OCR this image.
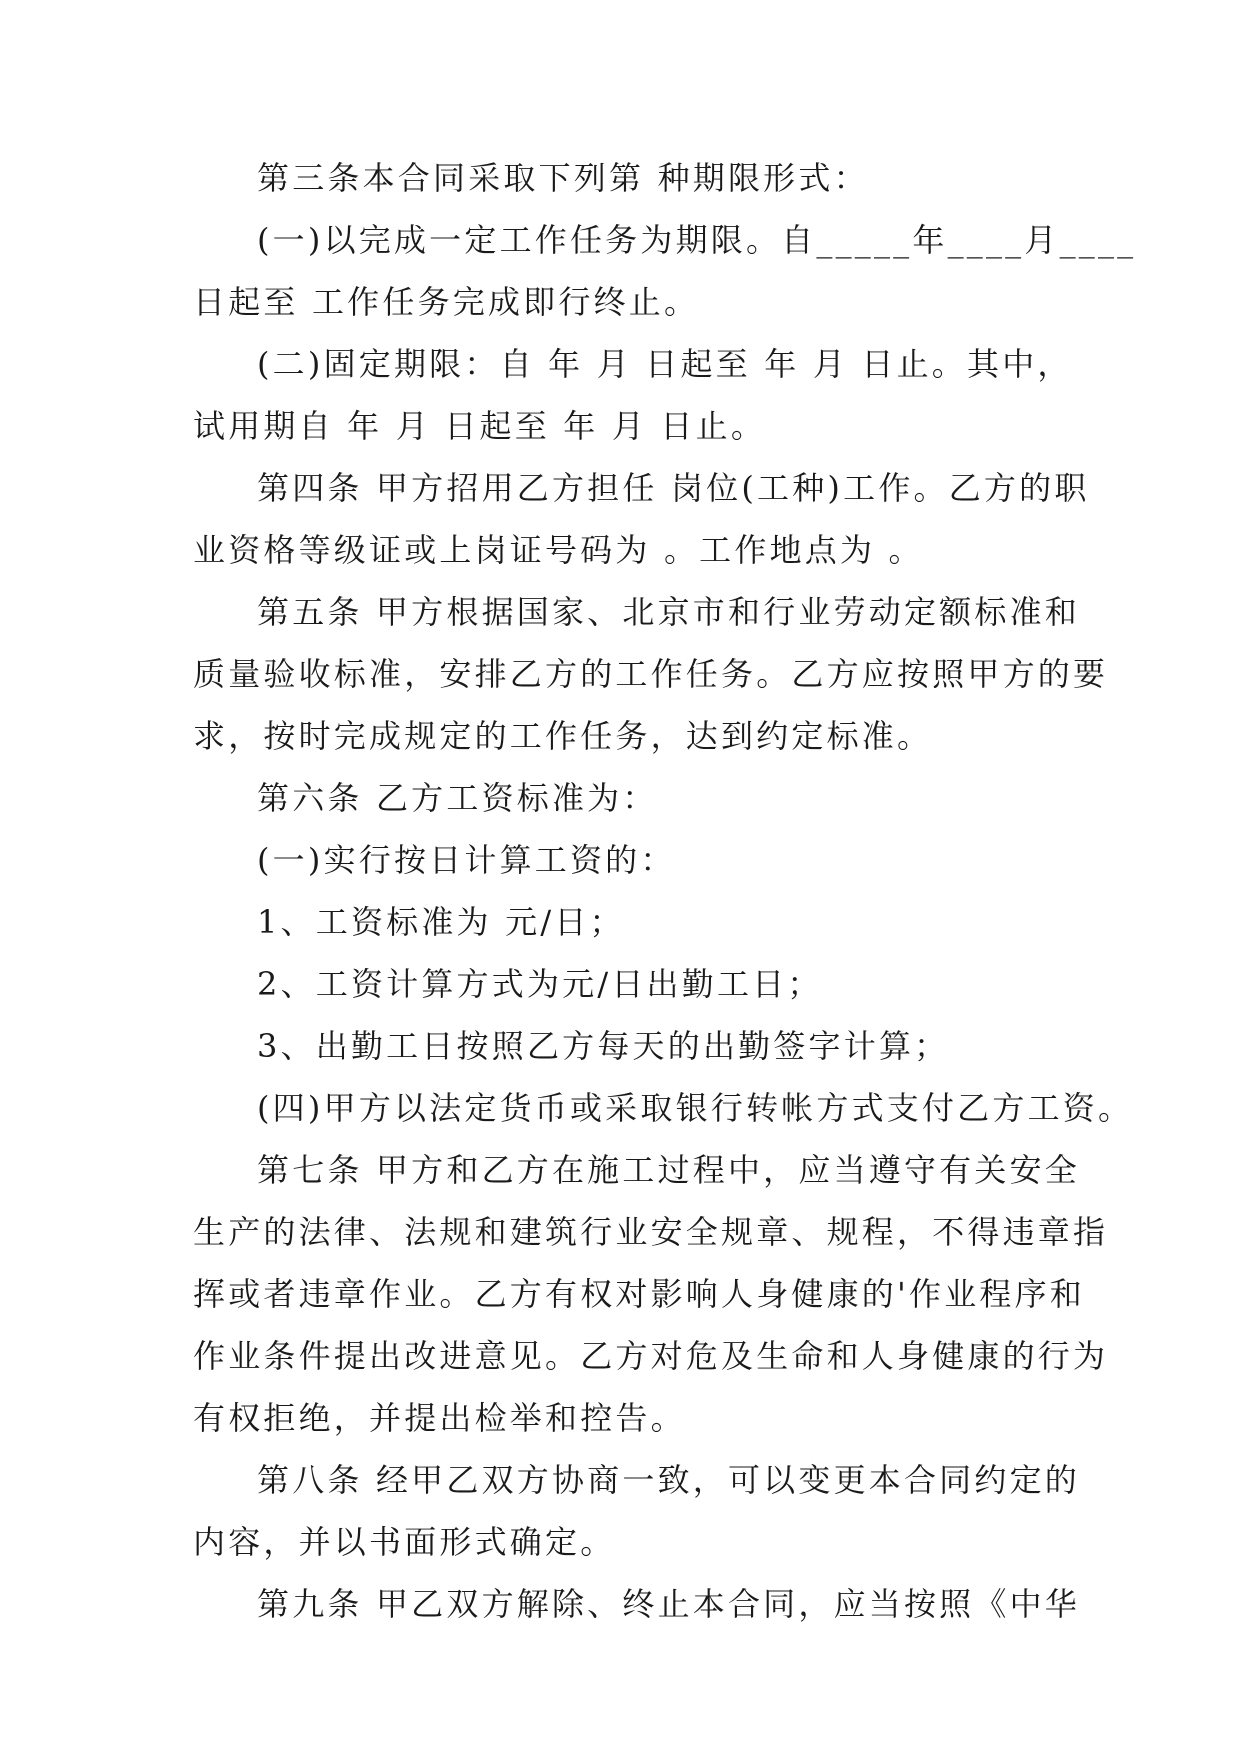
第三条本合同采取下列第 种期限形式：
(一)以完成一定工作任务为期限。自_____年____月____
日起至 工作任务完成即行终止。
(二)固定期限：自 年 月 日起至 年 月 日止。其中，
试用期自 年 月 日起至 年 月 日止。
第四条 甲方招用乙方担任 岗位(工种)工作。乙方的职
业资格等级证或上岗证号码为 。工作地点为 。
第五条 甲方根据国家、北京市和行业劳动定额标准和
质量验收标准，安排乙方的工作任务。乙方应按照甲方的要
求，按时完成规定的工作任务，达到约定标准。
第六条 乙方工资标准为：
(一)实行按日计算工资的：
1、工资标准为 元/日；
2、工资计算方式为元/日出勤工日；
3、出勤工日按照乙方每天的出勤签字计算；
(四)甲方以法定货币或采取银行转帐方式支付乙方工资。
第七条 甲方和乙方在施工过程中，应当遵守有关安全
生产的法律、法规和建筑行业安全规章、规程，不得违章指
挥或者违章作业。乙方有权对影响人身健康的'作业程序和
作业条件提出改进意见。乙方对危及生命和人身健康的行为
有权拒绝，并提出检举和控告。
第八条 经甲乙双方协商一致，可以变更本合同约定的
内容，并以书面形式确定。
第九条 甲乙双方解除、终止本合同，应当按照《中华
